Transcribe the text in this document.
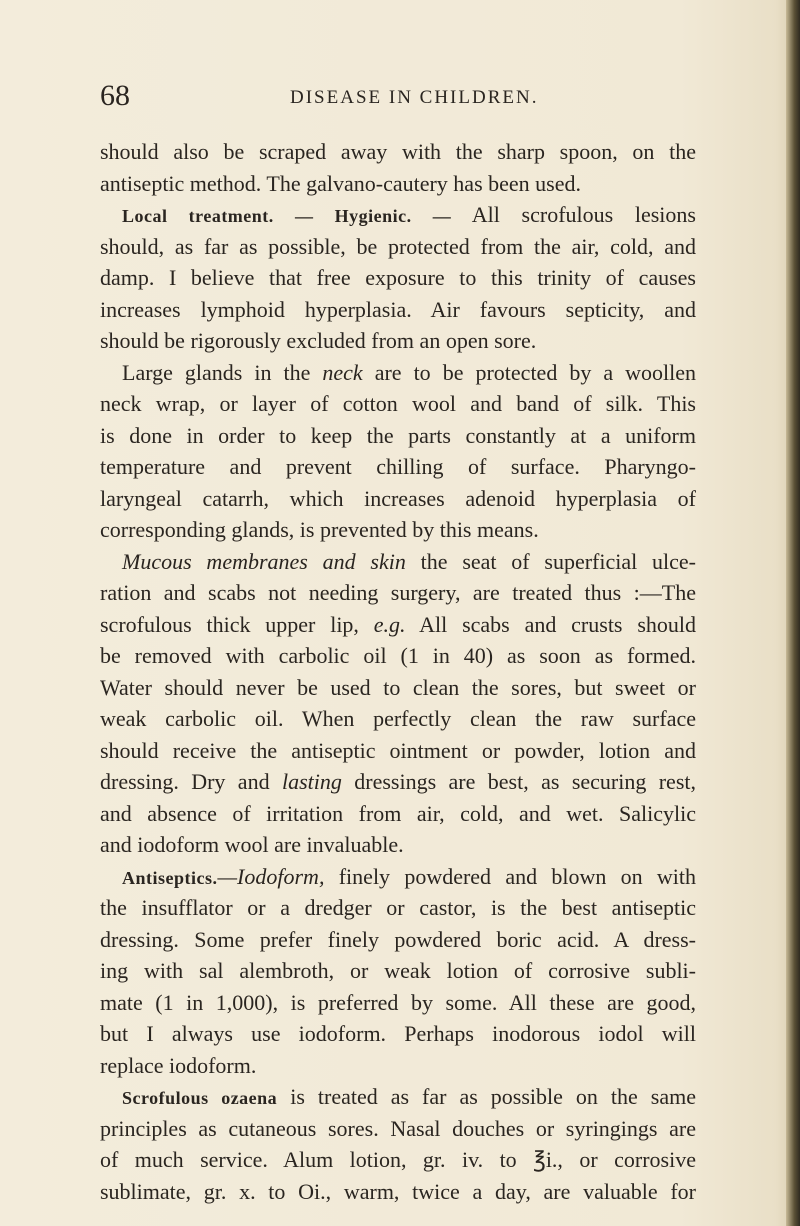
68	DISEASE IN CHILDREN.
should also be scraped away with the sharp spoon, on the
antiseptic method. The galvano-cautery has been used.
Local treatment. — Hygienic. — All scrofulous lesions
should, as far as possible, be protected from the air, cold, and
damp. I believe that free exposure to this trinity of causes
increases lymphoid hyperplasia. Air favours septicity, and
should be rigorously excluded from an open sore.
Large glands in the neck are to be protected by a woollen
neck wrap, or layer of cotton wool and band of silk. This
is done in order to keep the parts constantly at a uniform
temperature and prevent chilling of surface. Pharyngo-
laryngeal catarrh, which increases adenoid hyperplasia of
corresponding glands, is prevented by this means.
Mucous membranes and skin the seat of superficial ulce-
ration and scabs not needing surgery, are treated thus :—The
scrofulous thick upper lip, e.g. All scabs and crusts should
be removed with carbolic oil (1 in 40) as soon as formed.
Water should never be used to clean the sores, but sweet or
weak carbolic oil. When perfectly clean the raw surface
should receive the antiseptic ointment or powder, lotion and
dressing. Dry and lasting dressings are best, as securing rest,
and absence of irritation from air, cold, and wet. Salicylic
and iodoform wool are invaluable.
Antiseptics.—Iodoform, finely powdered and blown on with
the insufflator or a dredger or castor, is the best antiseptic
dressing. Some prefer finely powdered boric acid. A dress-
ing with sal alembroth, or weak lotion of corrosive subli-
mate (1 in 1,000), is preferred by some. All these are good,
but I always use iodoform. Perhaps inodorous iodol will
replace iodoform.
Scrofulous ozaena is treated as far as possible on the same
principles as cutaneous sores. Nasal douches or syringings are
of much service. Alum lotion, gr. iv. to ℥i., or corrosive
sublimate, gr. x. to Oi., warm, twice a day, are valuable for
